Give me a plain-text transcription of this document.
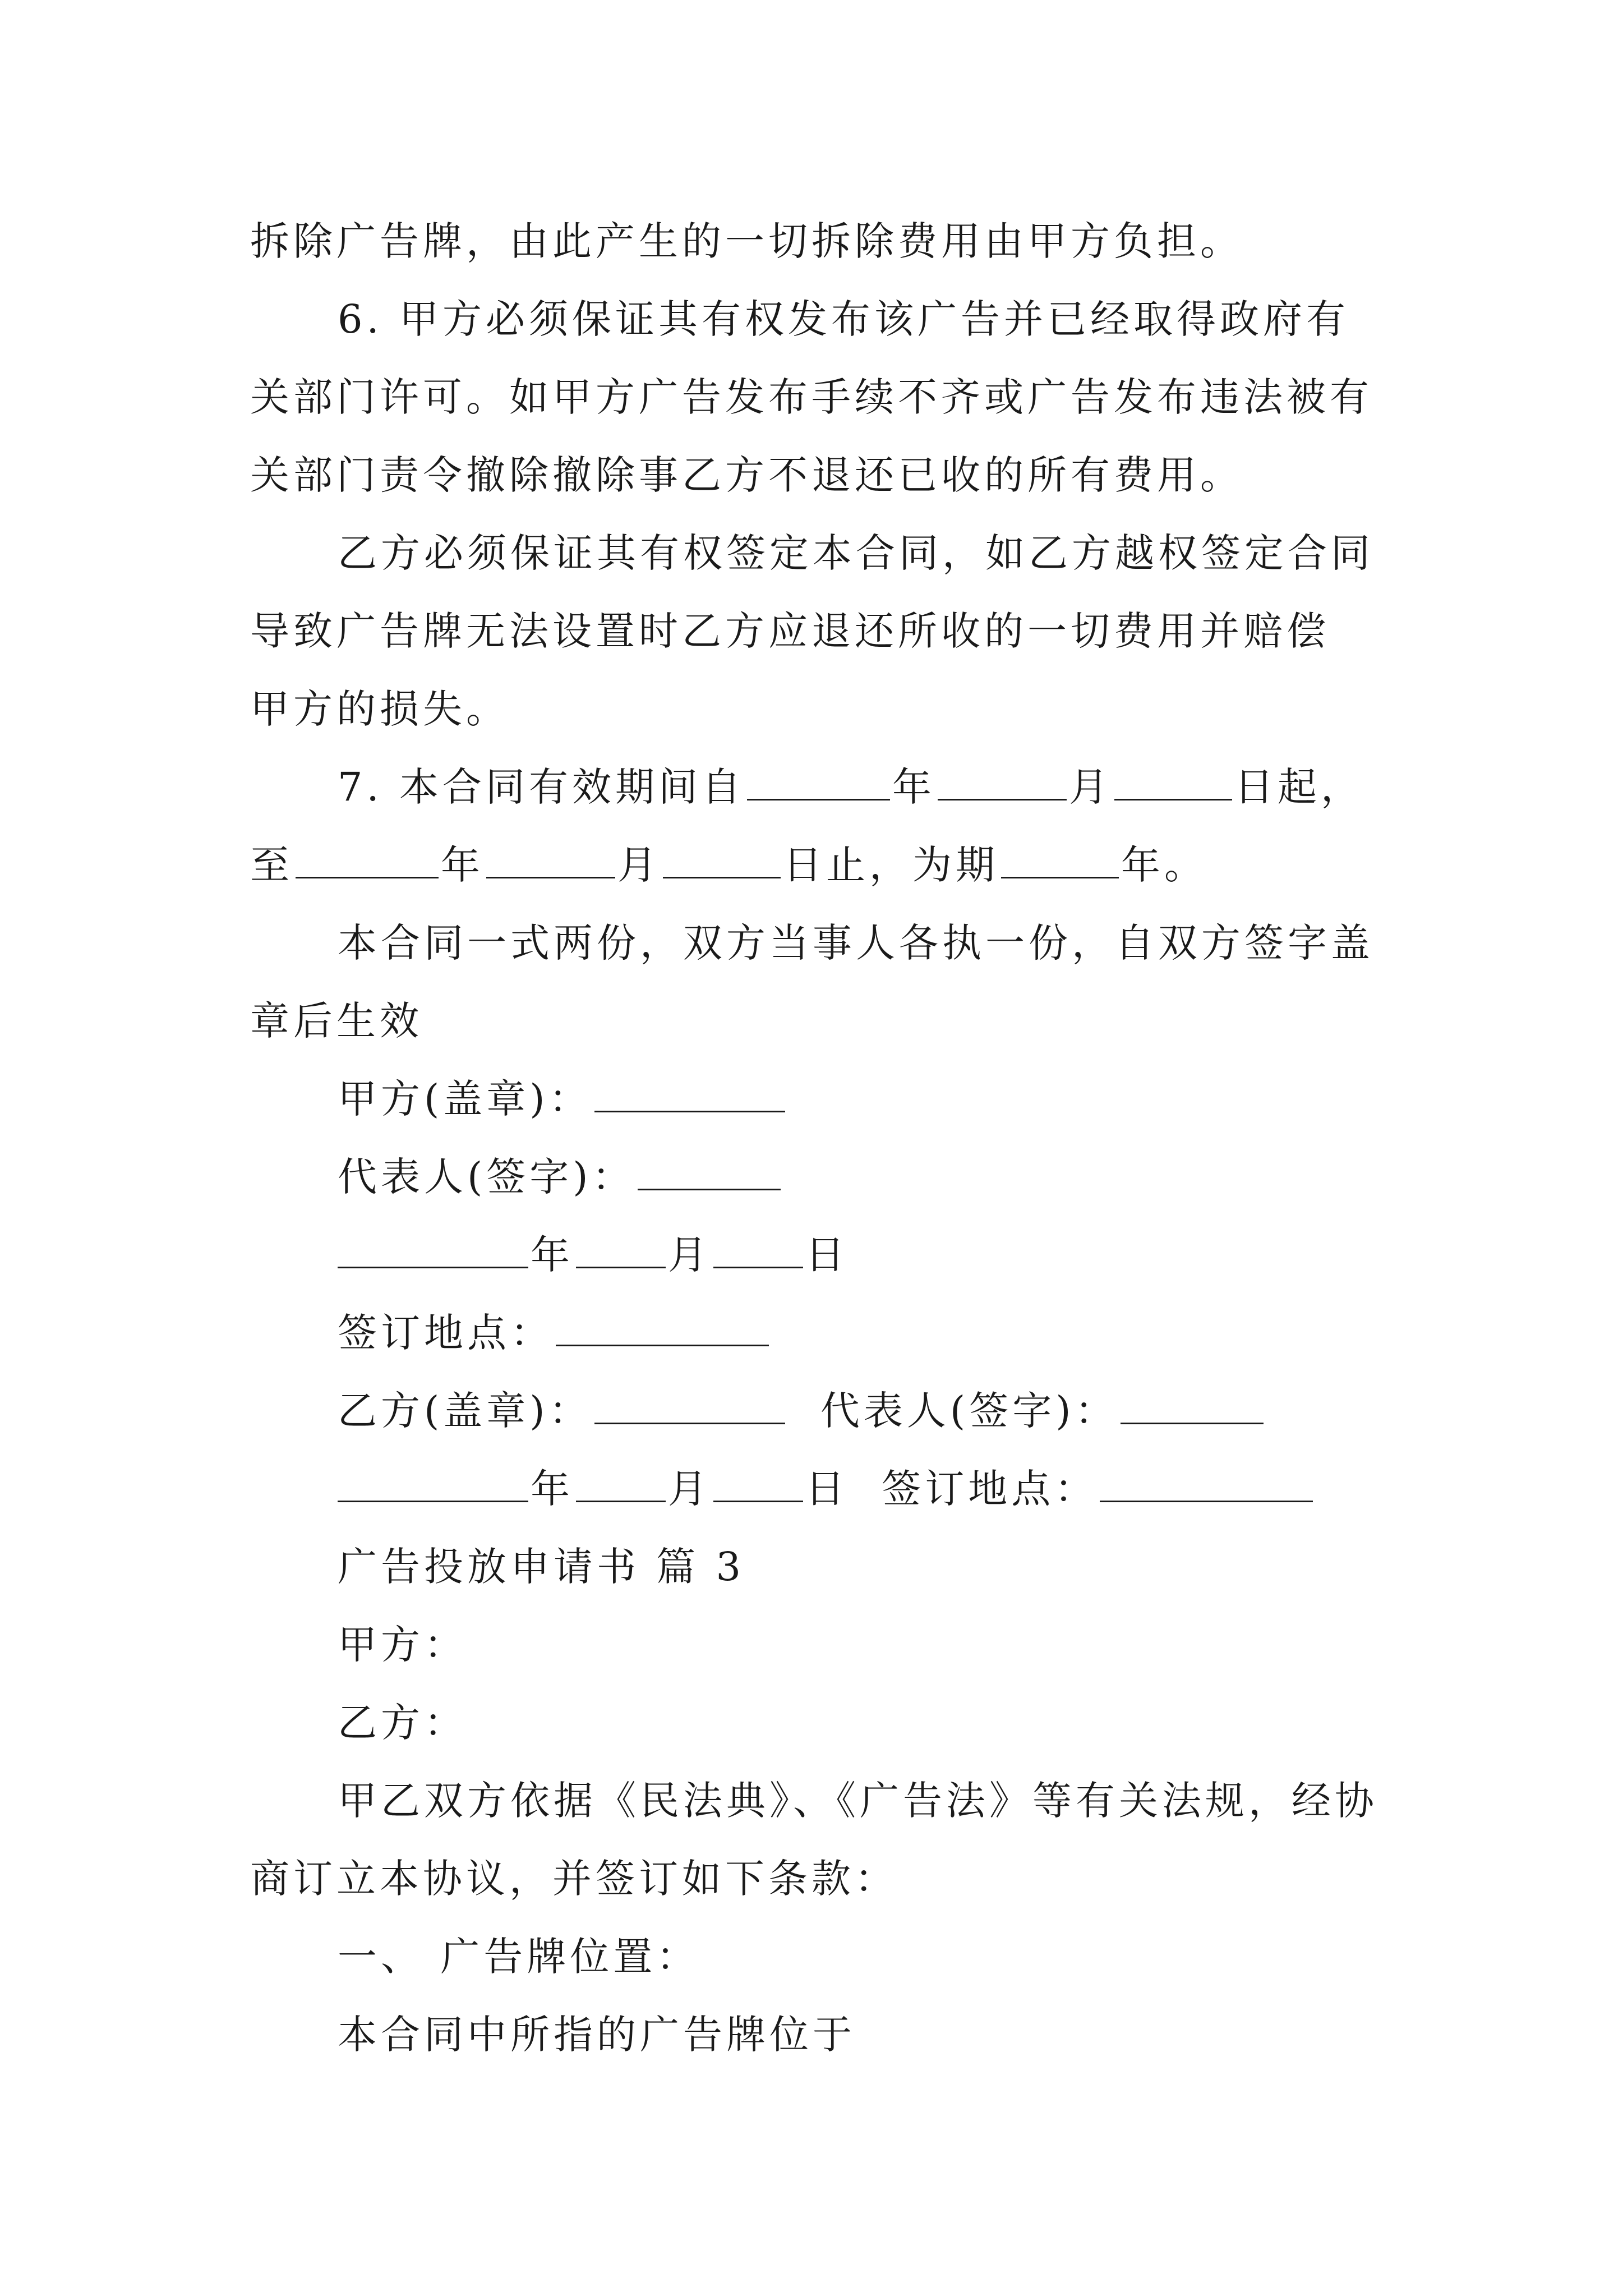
拆除广告牌，由此产生的一切拆除费用由甲方负担。
6. 甲方必须保证其有权发布该广告并已经取得政府有
关部门许可。如甲方广告发布手续不齐或广告发布违法被有
关部门责令撤除撤除事乙方不退还已收的所有费用。
乙方必须保证其有权签定本合同，如乙方越权签定合同
导致广告牌无法设置时乙方应退还所收的一切费用并赔偿
甲方的损失。
7. 本合同有效期间自	年	月	日起，
至	年	月	日止，为期	年。
本合同一式两份，双方当事人各执一份，自双方签字盖
章后生效
甲方(盖章)：
代表人(签字)：
年 月 日
签订地点：
乙方(盖章)：	代表人(签字)：
年 月 日 签订地点：
广告投放申请书 篇 3
甲方：
乙方：
甲乙双方依据《民法典》、《广告法》等有关法规，经协
商订立本协议，并签订如下条款：
一、 广告牌位置：
本合同中所指的广告牌位于
